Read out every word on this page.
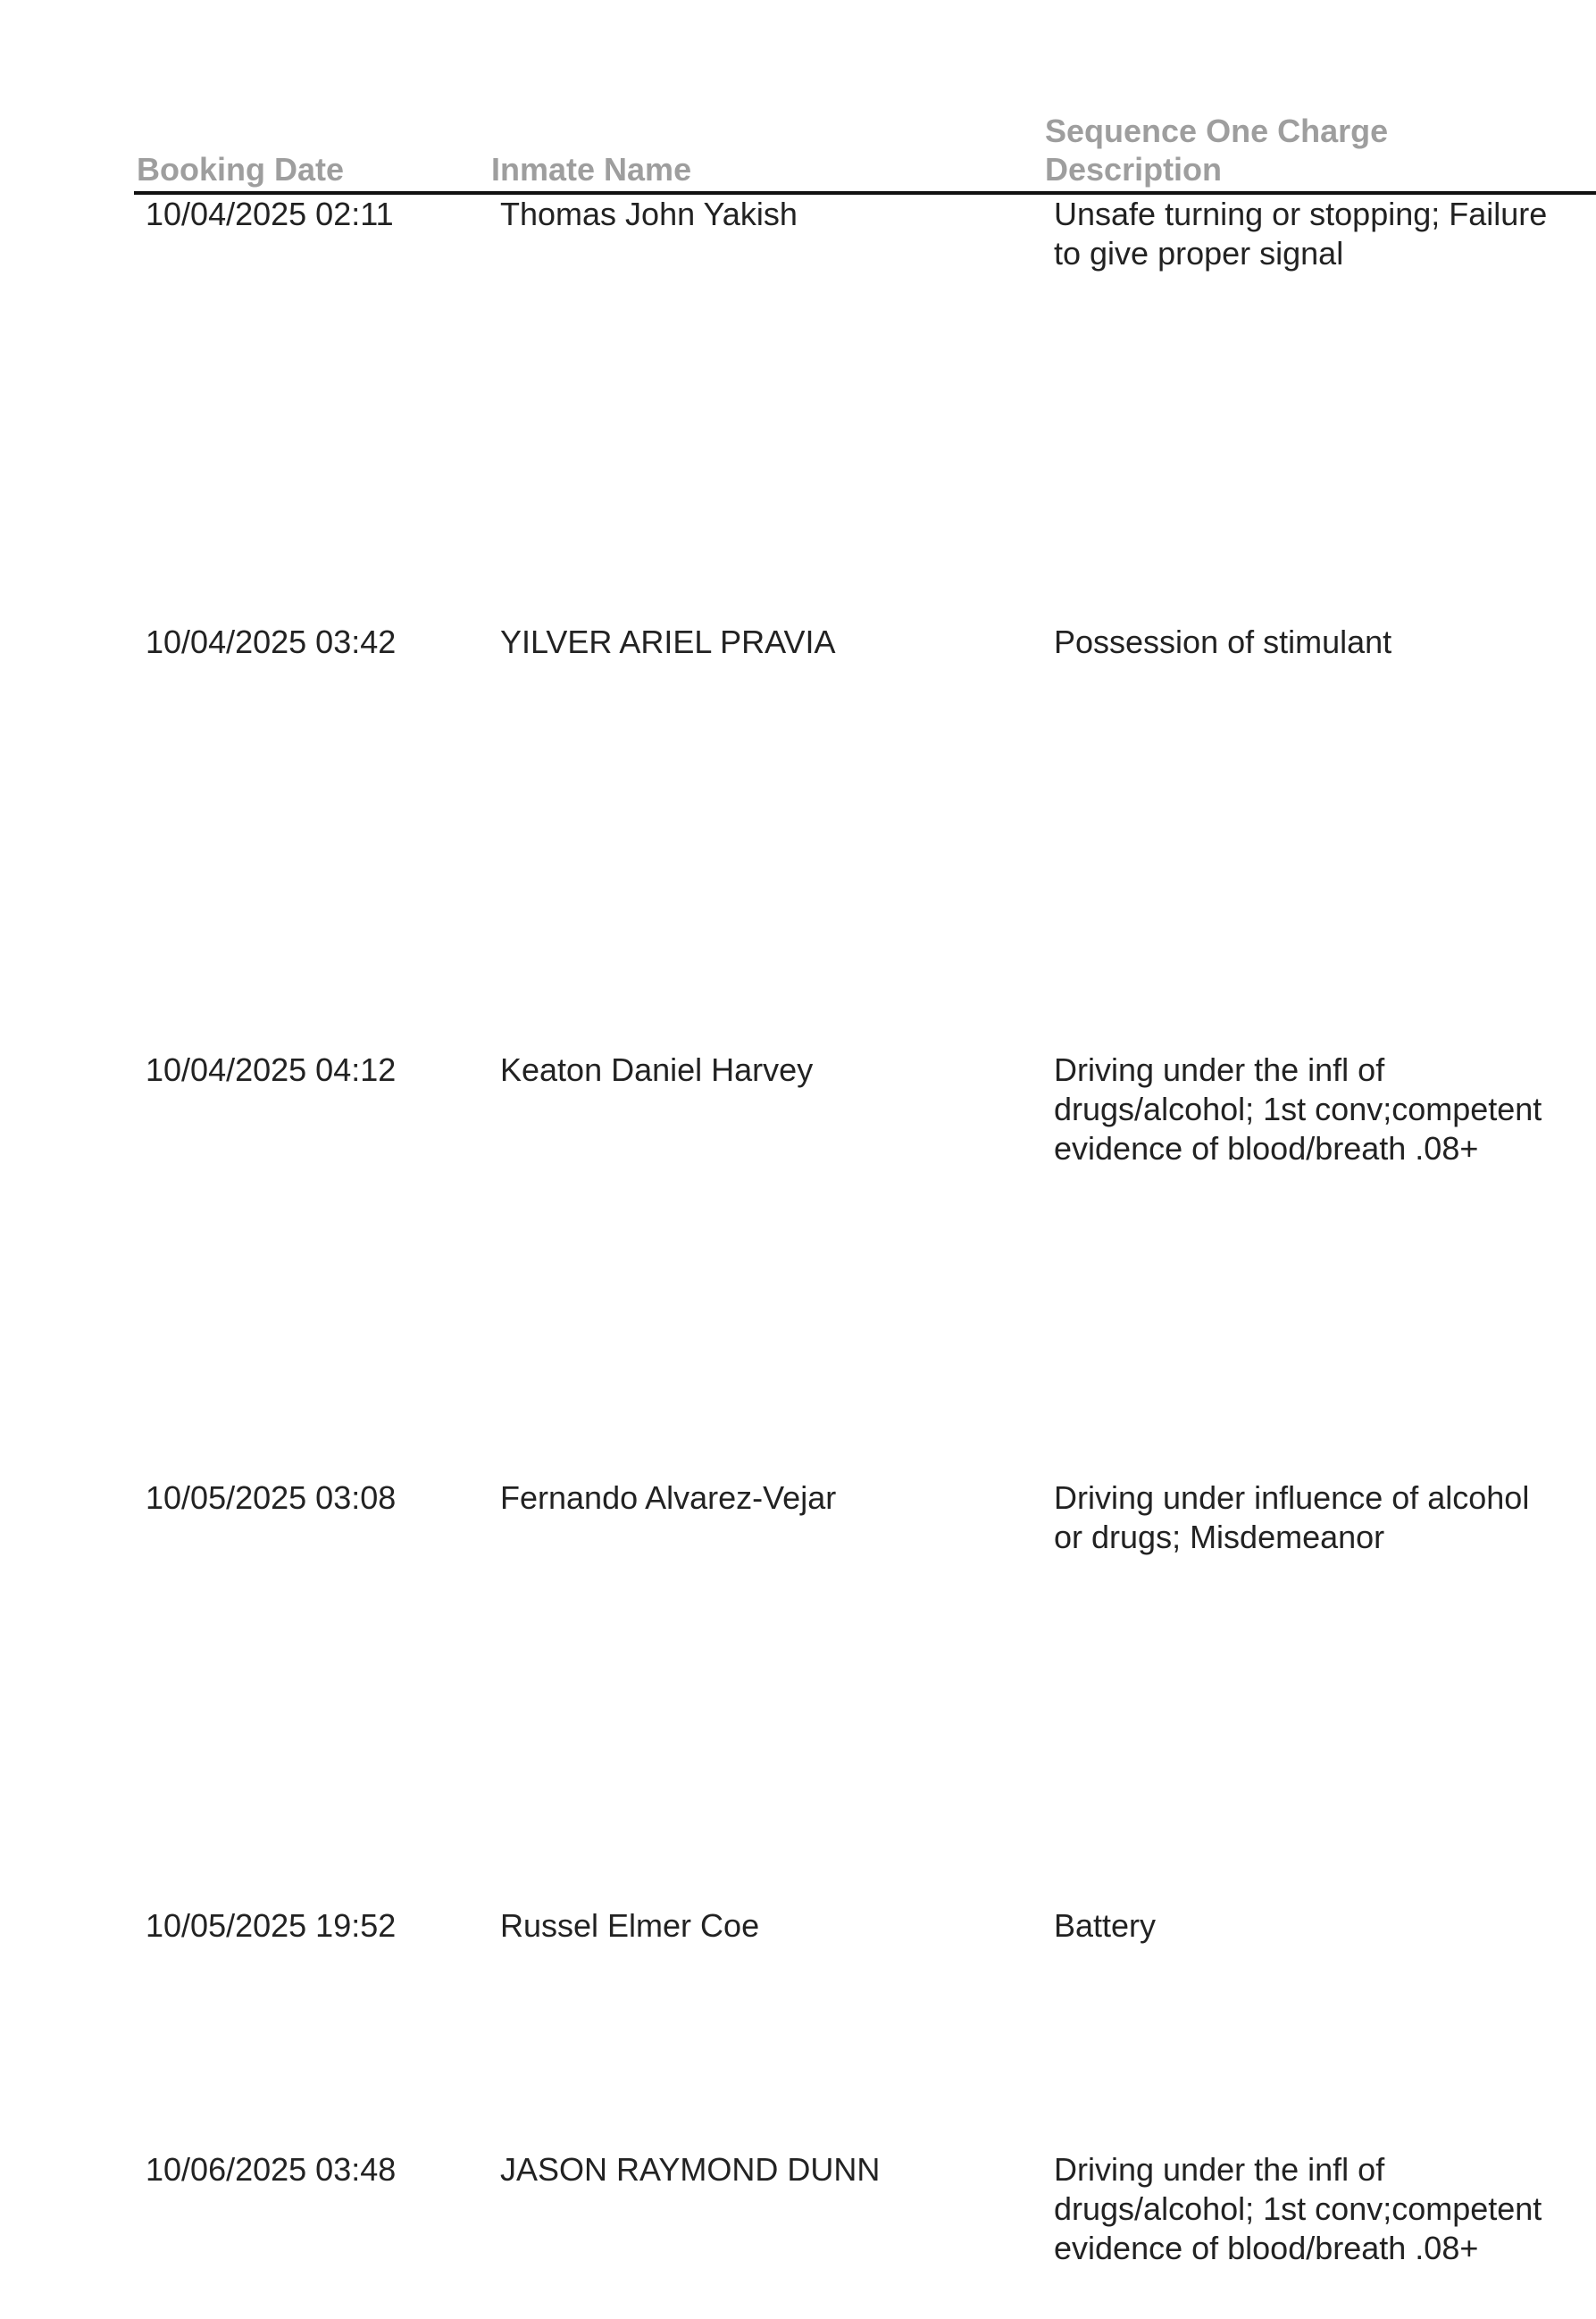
Booking Date	Inmate Name
Sequence One Charge
Description
10/04/2025 02:11	Thomas John Yakish	Unsafe turning or stopping; Failure
to give proper signal
10/04/2025 03:42	YILVER ARIEL PRAVIA	Possession of stimulant
10/04/2025 04:12	Keaton Daniel Harvey	Driving under the infl of
drugs/alcohol; 1st conv;competent
evidence of blood/breath .08+
10/05/2025 03:08	Fernando Alvarez-Vejar	Driving under influence of alcohol
or drugs; Misdemeanor
10/05/2025 19:52	Russel Elmer Coe	Battery
10/06/2025 03:48	JASON RAYMOND DUNN	Driving under the infl of
drugs/alcohol; 1st conv;competent
evidence of blood/breath .08+
